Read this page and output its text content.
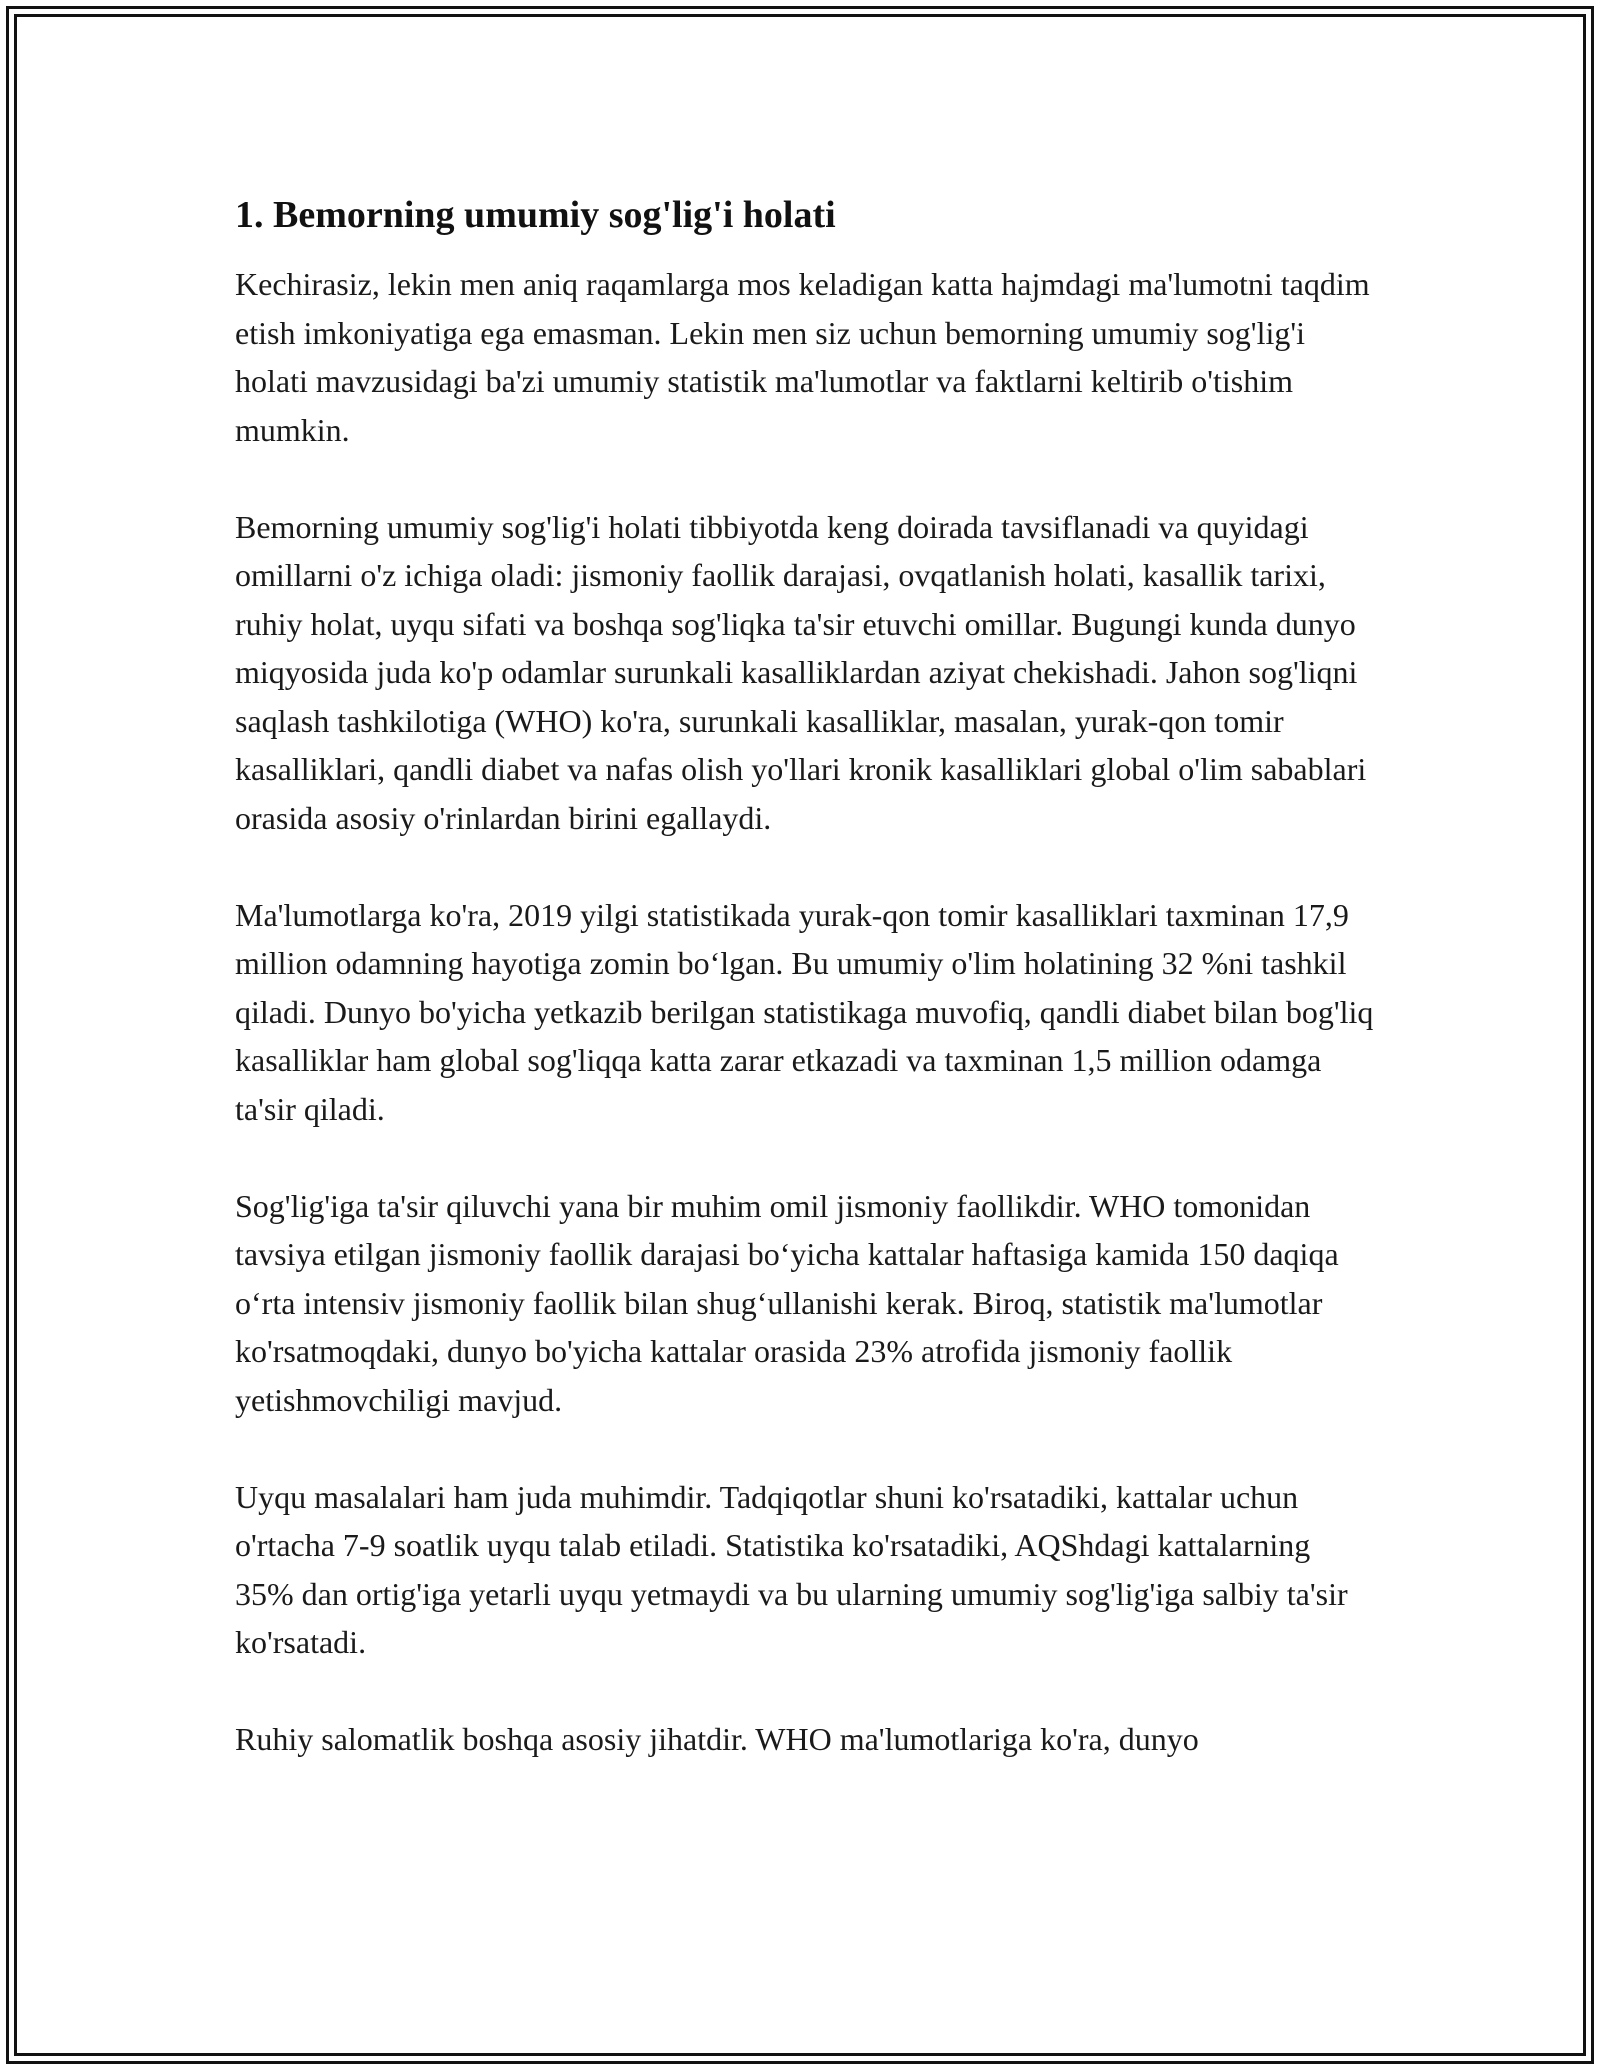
1. Bemorning umumiy sog'lig'i holati

Kechirasiz, lekin men aniq raqamlarga mos keladigan katta hajmdagi ma'lumotni taqdim etish imkoniyatiga ega emasman. Lekin men siz uchun bemorning umumiy sog'lig'i holati mavzusidagi ba'zi umumiy statistik ma'lumotlar va faktlarni keltirib o'tishim mumkin.

Bemorning umumiy sog'lig'i holati tibbiyotda keng doirada tavsiflanadi va quyidagi omillarni o'z ichiga oladi: jismoniy faollik darajasi, ovqatlanish holati, kasallik tarixi, ruhiy holat, uyqu sifati va boshqa sog'liqka ta'sir etuvchi omillar. Bugungi kunda dunyo miqyosida juda ko'p odamlar surunkali kasalliklardan aziyat chekishadi. Jahon sog'liqni saqlash tashkilotiga (WHO) ko'ra, surunkali kasalliklar, masalan, yurak-qon tomir kasalliklari, qandli diabet va nafas olish yo'llari kronik kasalliklari global o'lim sabablari orasida asosiy o'rinlardan birini egallaydi.

Ma'lumotlarga ko'ra, 2019 yilgi statistikada yurak-qon tomir kasalliklari taxminan 17,9 million odamning hayotiga zomin bo‘lgan. Bu umumiy o'lim holatining 32 %ni tashkil qiladi. Dunyo bo'yicha yetkazib berilgan statistikaga muvofiq, qandli diabet bilan bog'liq kasalliklar ham global sog'liqqa katta zarar etkazadi va taxminan 1,5 million odamga ta'sir qiladi.

Sog'lig'iga ta'sir qiluvchi yana bir muhim omil jismoniy faollikdir. WHO tomonidan tavsiya etilgan jismoniy faollik darajasi bo‘yicha kattalar haftasiga kamida 150 daqiqa o‘rta intensiv jismoniy faollik bilan shug‘ullanishi kerak. Biroq, statistik ma'lumotlar ko'rsatmoqdaki, dunyo bo'yicha kattalar orasida 23% atrofida jismoniy faollik yetishmovchiligi mavjud.

Uyqu masalalari ham juda muhimdir. Tadqiqotlar shuni ko'rsatadiki, kattalar uchun o'rtacha 7-9 soatlik uyqu talab etiladi. Statistika ko'rsatadiki, AQShdagi kattalarning 35% dan ortig'iga yetarli uyqu yetmaydi va bu ularning umumiy sog'lig'iga salbiy ta'sir ko'rsatadi.

Ruhiy salomatlik boshqa asosiy jihatdir. WHO ma'lumotlariga ko'ra, dunyo
